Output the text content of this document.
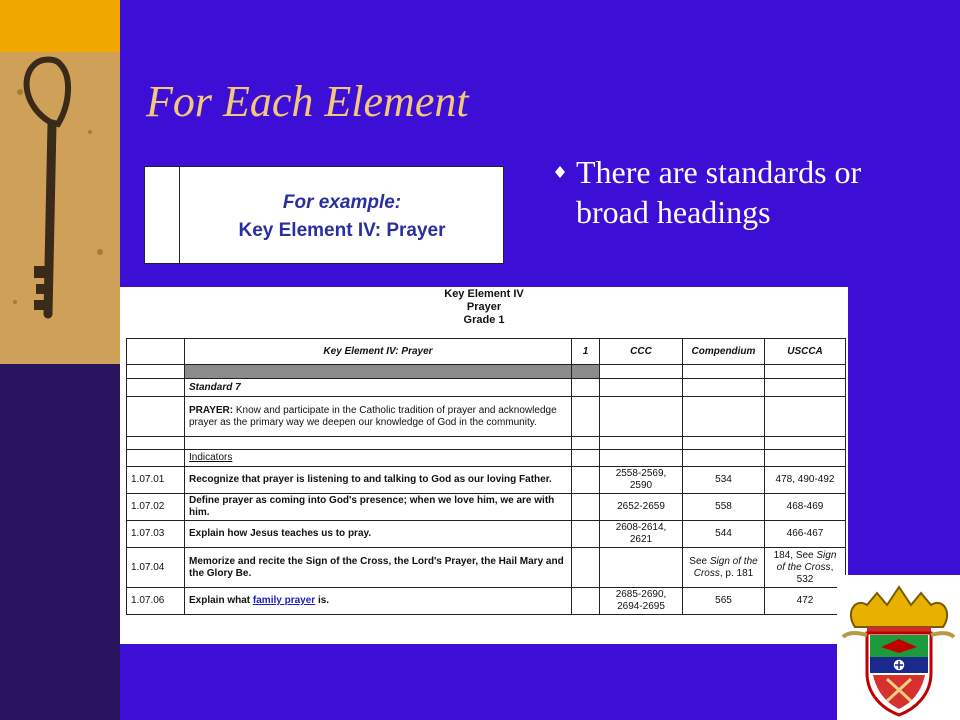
For Each Element
For example:
Key Element IV: Prayer
There are standards or broad headings
Key Element IV
Prayer
Grade 1
	Key Element IV: Prayer	1	CCC	Compendium	USCCA

	Standard 7				
	PRAYER: Know and participate in the Catholic tradition of prayer and acknowledge prayer as the primary way we deepen our knowledge of God in the community.				

	Indicators				
1.07.01	Recognize that prayer is listening to and talking to God as our loving Father.		2558-2569, 2590	534	478, 490-492
1.07.02	Define prayer as coming into God's presence; when we love him, we are with him.		2652-2659	558	468-469
1.07.03	Explain how Jesus teaches us to pray.		2608-2614, 2621	544	466-467
1.07.04	Memorize and recite the Sign of the Cross, the Lord's Prayer, the Hail Mary and the Glory Be.			See Sign of the Cross, p. 181	184, See Sign of the Cross, 532
1.07.06	Explain what family prayer is.		2685-2690, 2694-2695	565	472
